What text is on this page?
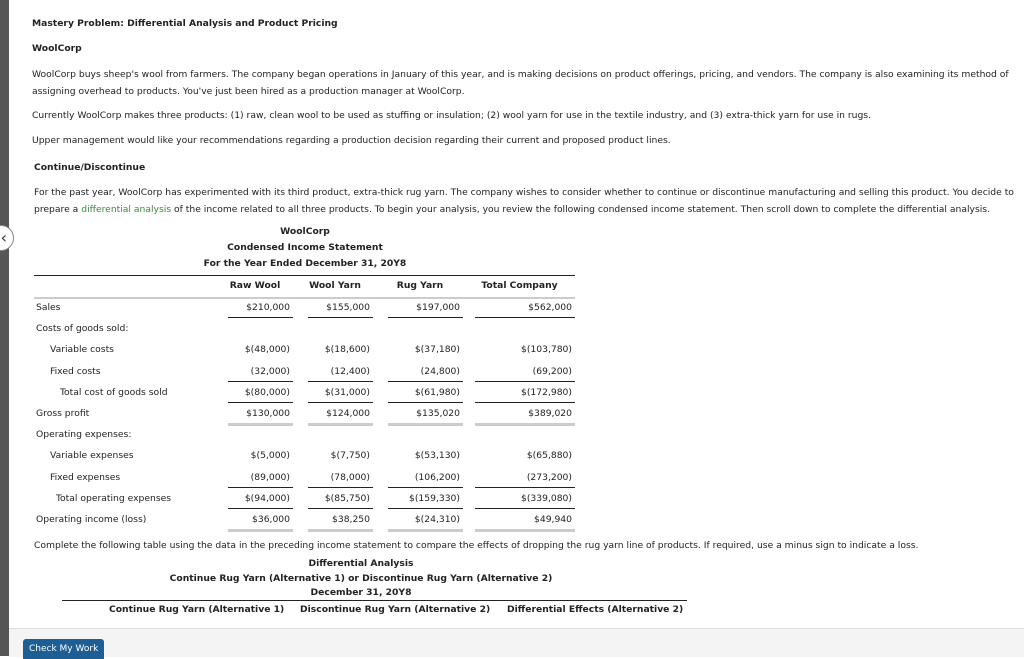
‹
Mastery Problem: Differential Analysis and Product Pricing
WoolCorp

WoolCorp buys sheep's wool from farmers. The company began operations in January of this year, and is making decisions on product offerings, pricing, and vendors. The company is also examining its method of assigning overhead to products. You've just been hired as a production manager at WoolCorp.

Currently WoolCorp makes three products: (1) raw, clean wool to be used as stuffing or insulation; (2) wool yarn for use in the textile industry, and (3) extra-thick yarn for use in rugs.

Upper management would like your recommendations regarding a production decision regarding their current and proposed product lines.

Continue/Discontinue

For the past year, WoolCorp has experimented with its third product, extra-thick rug yarn. The company wishes to consider whether to continue or discontinue manufacturing and selling this product. You decide to prepare a differential analysis of the income related to all three products. To begin your analysis, you review the following condensed income statement. Then scroll down to complete the differential analysis.

WoolCorp
Condensed Income Statement
For the Year Ended December 31, 20Y8
Raw Wool	Wool Yarn	Rug Yarn	Total Company
Sales	$210,000	$155,000	$197,000	$562,000
Costs of goods sold:
Variable costs	$(48,000)	$(18,600)	$(37,180)	$(103,780)
Fixed costs	(32,000)	(12,400)	(24,800)	(69,200)
Total cost of goods sold	$(80,000)	$(31,000)	$(61,980)	$(172,980)
Gross profit	$130,000	$124,000	$135,020	$389,020
Operating expenses:
Variable expenses	$(5,000)	$(7,750)	$(53,130)	$(65,880)
Fixed expenses	(89,000)	(78,000)	(106,200)	(273,200)
Total operating expenses	$(94,000)	$(85,750)	$(159,330)	$(339,080)
Operating income (loss)	$36,000	$38,250	$(24,310)	$49,940
Complete the following table using the data in the preceding income statement to compare the effects of dropping the rug yarn line of products. If required, use a minus sign to indicate a loss.
Differential Analysis
Continue Rug Yarn (Alternative 1) or Discontinue Rug Yarn (Alternative 2)
December 31, 20Y8
Continue Rug Yarn (Alternative 1) Discontinue Rug Yarn (Alternative 2) Differential Effects (Alternative 2)
Check My Work
